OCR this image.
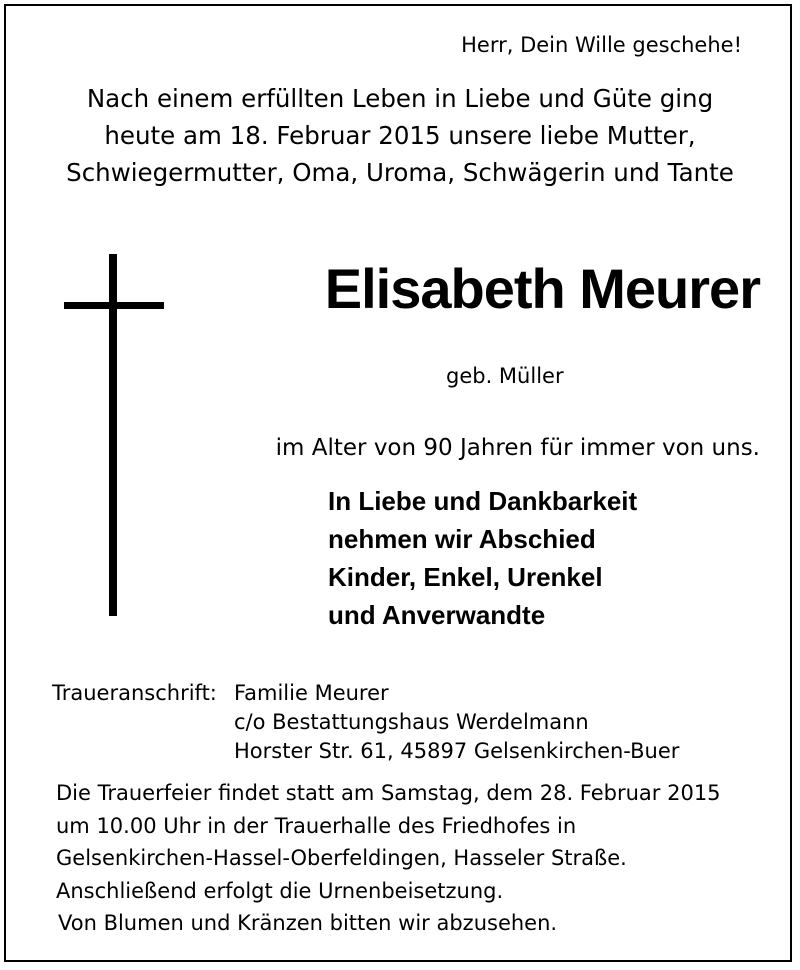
Herr, Dein Wille geschehe!
Nach einem erfüllten Leben in Liebe und Güte ging
heute am 18. Februar 2015 unsere liebe Mutter,
Schwiegermutter, Oma, Uroma, Schwägerin und Tante
Elisabeth Meurer
geb. Müller
im Alter von 90 Jahren für immer von uns.
In Liebe und Dankbarkeit
nehmen wir Abschied
Kinder, Enkel, Urenkel
und Anverwandte
Traueranschrift: Familie Meurer
c/o Bestattungshaus Werdelmann
Horster Str. 61, 45897 Gelsenkirchen-Buer
Die Trauerfeier findet statt am Samstag, dem 28. Februar 2015
um 10.00 Uhr in der Trauerhalle des Friedhofes in
Gelsenkirchen-Hassel-Oberfeldingen, Hasseler Straße.
Anschließend erfolgt die Urnenbeisetzung.
Von Blumen und Kränzen bitten wir abzusehen.
